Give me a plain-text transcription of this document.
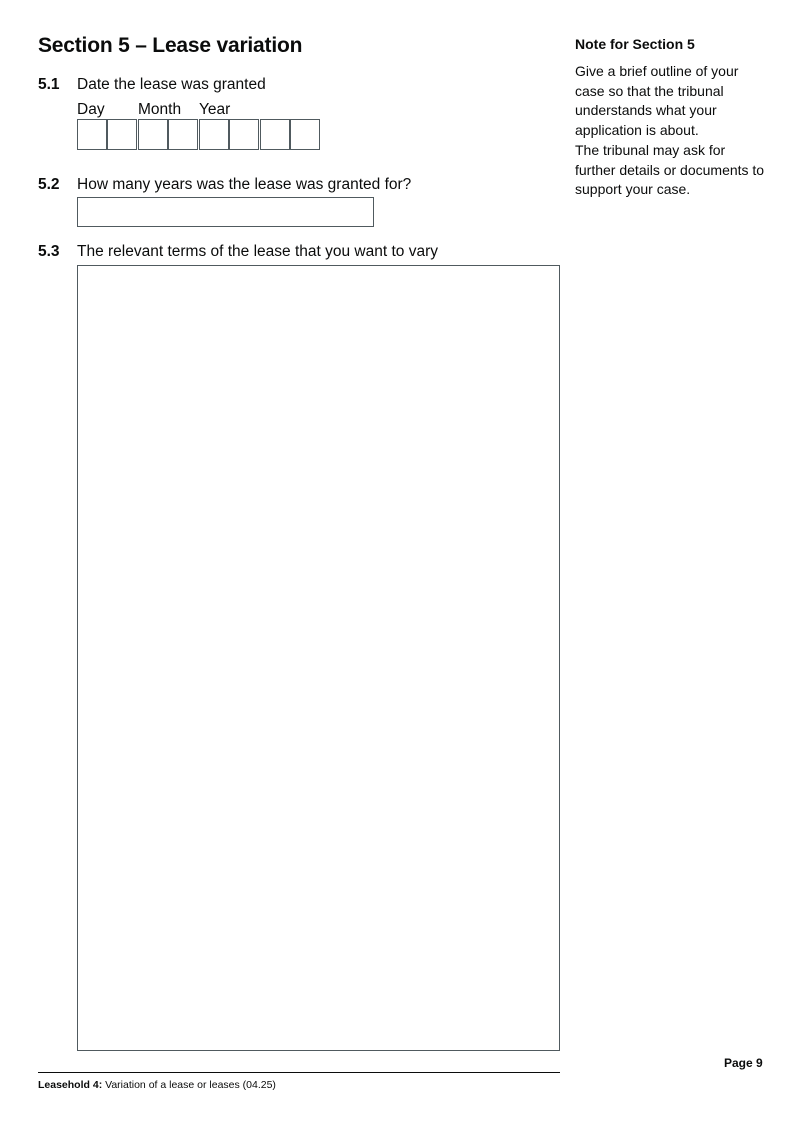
Section 5 – Lease variation
5.1 Date the lease was granted
Day Month Year
5.2 How many years was the lease was granted for?
5.3 The relevant terms of the lease that you want to vary
Note for Section 5
Give a brief outline of your case so that the tribunal understands what your application is about.
The tribunal may ask for further details or documents to support your case.
Page 9
Leasehold 4: Variation of a lease or leases (04.25)
